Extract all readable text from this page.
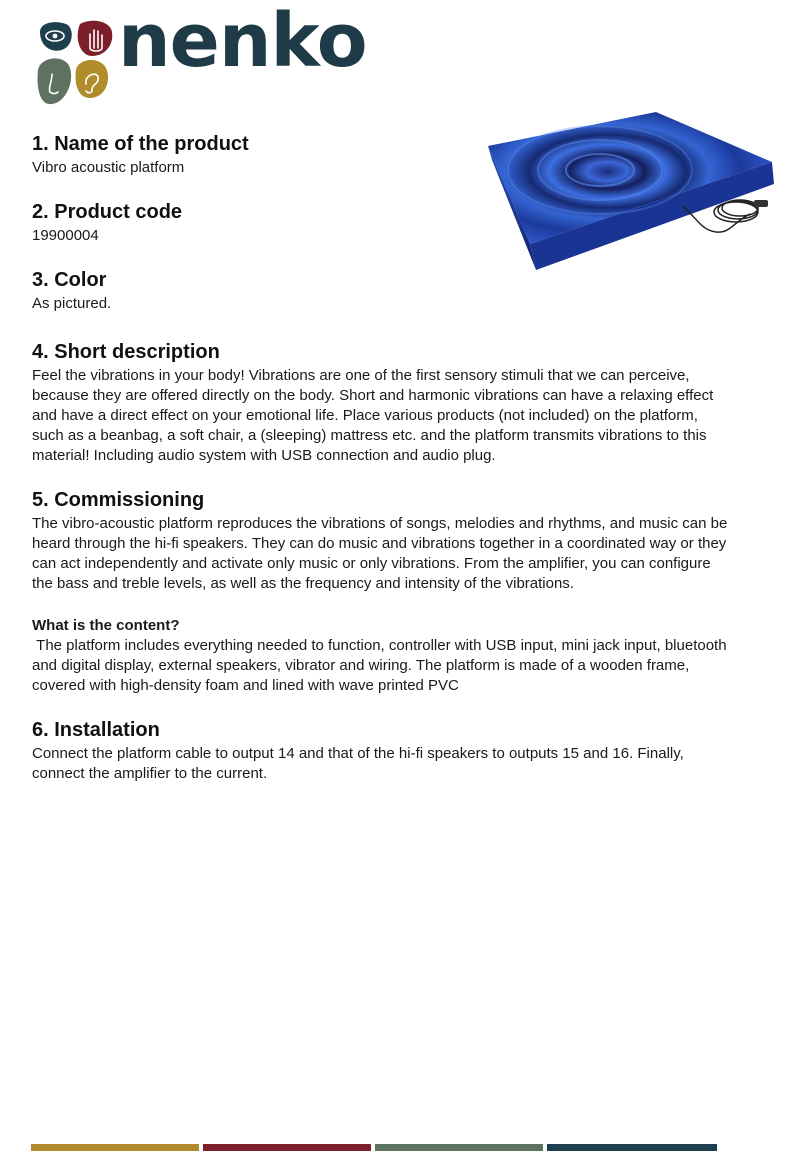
nenko
1. Name of the product

Vibro acoustic platform

2. Product code

19900004

3. Color

As pictured.

4. Short description

Feel the vibrations in your body! Vibrations are one of the first sensory stimuli that we can perceive, because they are offered directly on the body. Short and harmonic vibrations can have a relaxing effect and have a direct effect on your emotional life. Place various products (not included) on the platform, such as a beanbag, a soft chair, a (sleeping) mattress etc. and the platform transmits vibrations to this material! Including audio system with USB connection and audio plug.

5. Commissioning

The vibro-acoustic platform reproduces the vibrations of songs, melodies and rhythms, and music can be heard through the hi-fi speakers. They can do music and vibrations together in a coordinated way or they can act independently and activate only music or only vibrations. From the amplifier, you can configure the bass and treble levels, as well as the frequency and intensity of the vibrations.

What is the content?

The platform includes everything needed to function, controller with USB input, mini jack input, bluetooth and digital display, external speakers, vibrator and wiring. The platform is made of a wooden frame, covered with high-density foam and lined with wave printed PVC

6. Installation

Connect the platform cable to output 14 and that of the hi-fi speakers to outputs 15 and 16. Finally, connect the amplifier to the current.
